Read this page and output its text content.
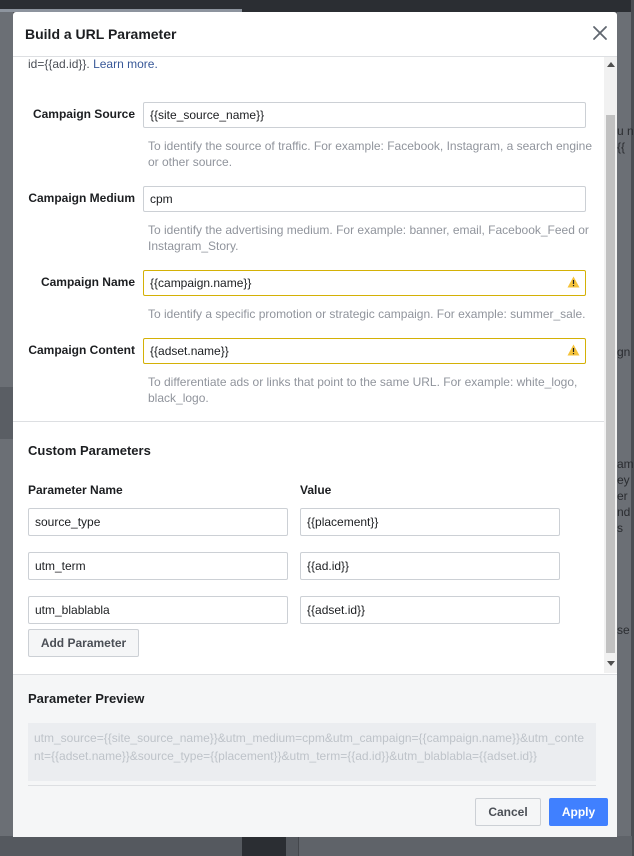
u n
{{
gn
am
ey
er
nd
s
se
Build a URL Parameter
id={{ad.id}}. Learn more.
Campaign Source	{{site_source_name}}
To identify the source of traffic. For example: Facebook, Instagram, a search engine or other source.
Campaign Medium	cpm
To identify the advertising medium. For example: banner, email, Facebook_Feed or Instagram_Story.
Campaign Name	{{campaign.name}}
To identify a specific promotion or strategic campaign. For example: summer_sale.
Campaign Content	{{adset.name}}
To differentiate ads or links that point to the same URL. For example: white_logo, black_logo.
Custom Parameters
Parameter Name	Value
source_type	{{placement}}
utm_term	{{ad.id}}
utm_blablabla	{{adset.id}}
Add Parameter
Parameter Preview
utm_source={{site_source_name}}&utm_medium=cpm&utm_campaign={{campaign.name}}&utm_content={{adset.name}}&source_type={{placement}}&utm_term={{ad.id}}&utm_blablabla={{adset.id}}
Cancel	Apply
